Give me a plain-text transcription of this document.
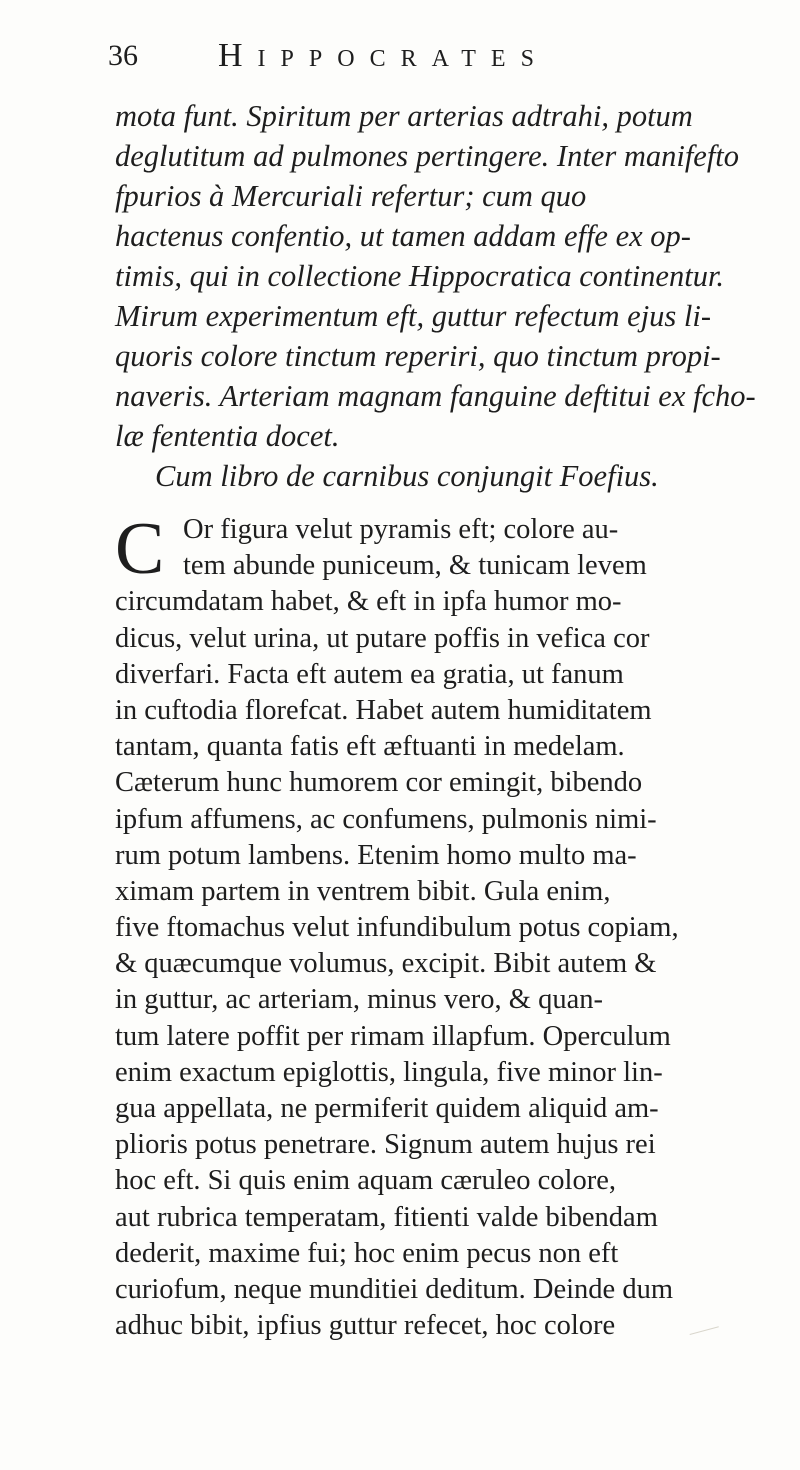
36 Hippocrates
mota funt. Spiritum per arterias adtrahi, potum
deglutitum ad pulmones pertingere. Inter manifefto
fpurios à Mercuriali refertur; cum quo
hactenus confentio, ut tamen addam effe ex op-
timis, qui in collectione Hippocratica continentur.
Mirum experimentum eft, guttur refectum ejus li-
quoris colore tinctum reperiri, quo tinctum propi-
naveris. Arteriam magnam fanguine deftitui ex fcho-
læ fententia docet.
Cum libro de carnibus conjungit Foefius.
C Or figura velut pyramis eft; colore au-
tem abunde puniceum, & tunicam levem
circumdatam habet, & eft in ipfa humor mo-
dicus, velut urina, ut putare poffis in vefica cor
diverfari. Facta eft autem ea gratia, ut fanum
in cuftodia florefcat. Habet autem humiditatem
tantam, quanta fatis eft æftuanti in medelam.
Cæterum hunc humorem cor emingit, bibendo
ipfum affumens, ac confumens, pulmonis nimi-
rum potum lambens. Etenim homo multo ma-
ximam partem in ventrem bibit. Gula enim,
five ftomachus velut infundibulum potus copiam,
& quæcumque volumus, excipit. Bibit autem &
in guttur, ac arteriam, minus vero, & quan-
tum latere poffit per rimam illapfum. Operculum
enim exactum epiglottis, lingula, five minor lin-
gua appellata, ne permiferit quidem aliquid am-
plioris potus penetrare. Signum autem hujus rei
hoc eft. Si quis enim aquam cæruleo colore,
aut rubrica temperatam, fitienti valde bibendam
dederit, maxime fui; hoc enim pecus non eft
curiofum, neque munditiei deditum. Deinde dum
adhuc bibit, ipfius guttur refecet, hoc colore
